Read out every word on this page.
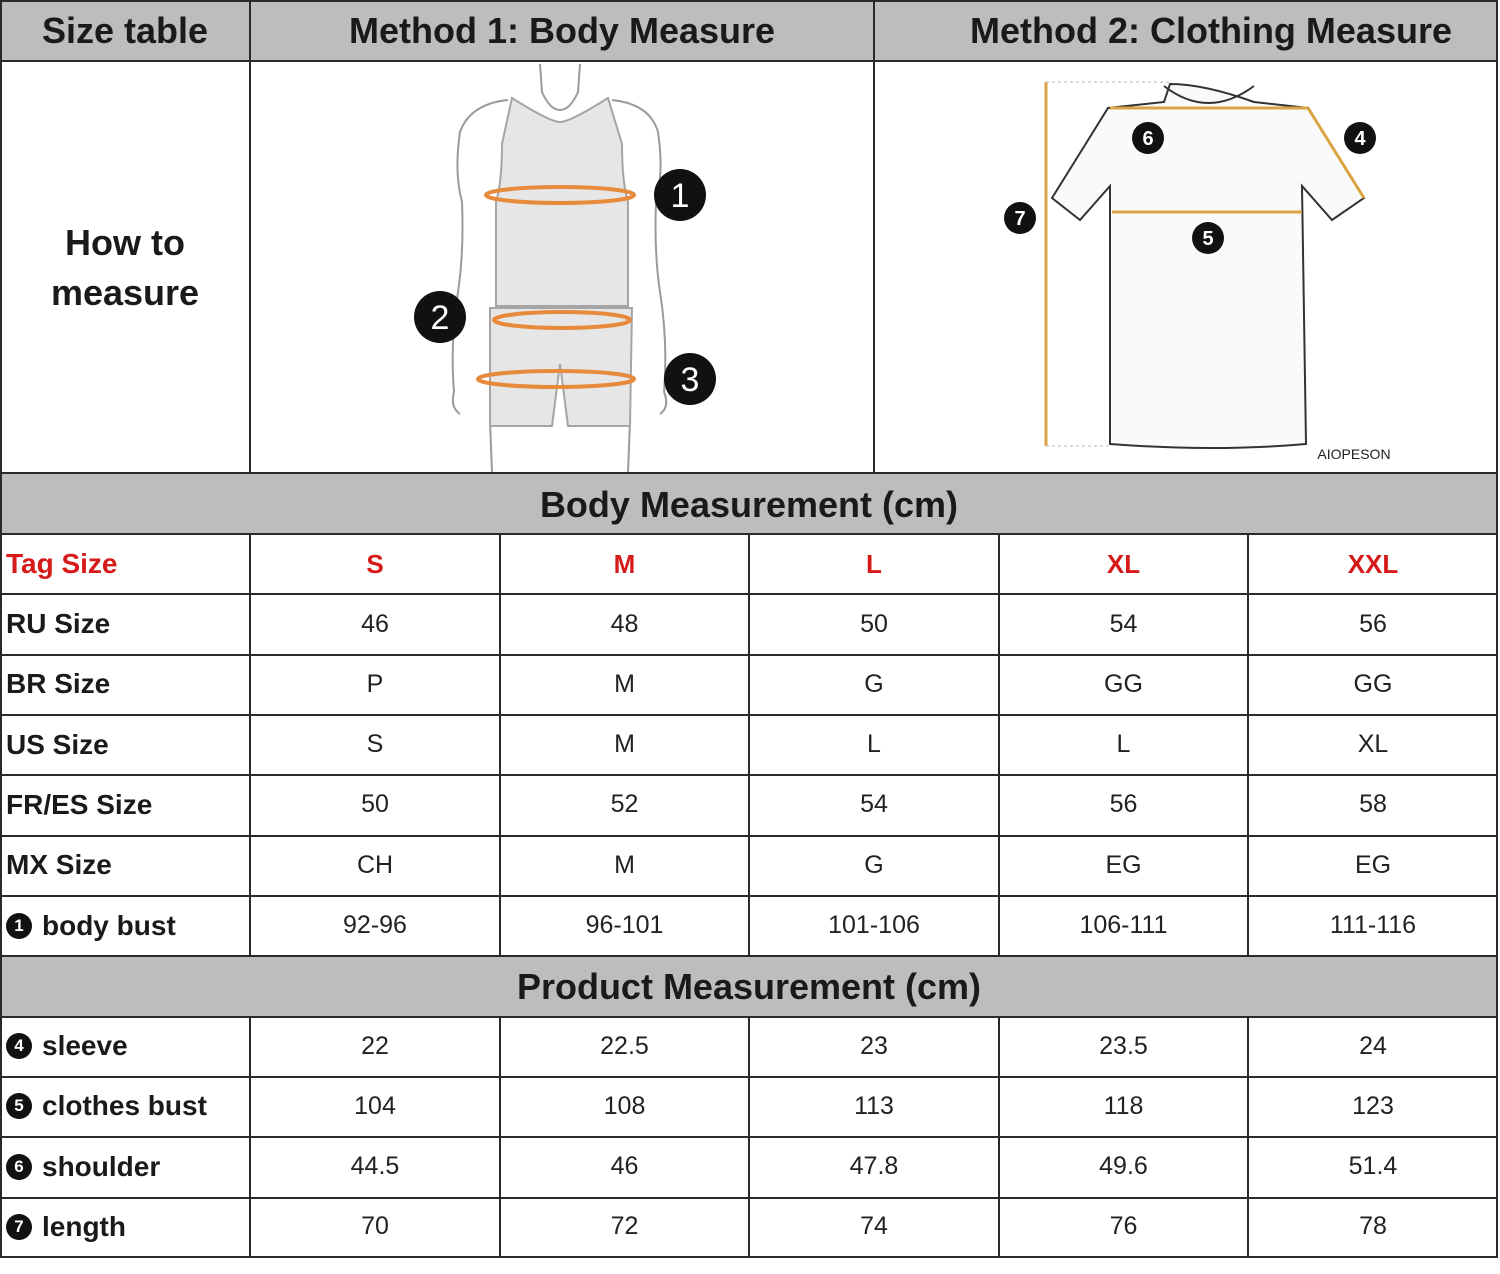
Size table	Method 1: Body Measure	Method 2: Clothing Measure
How to
measure
1
2
3
6	4
7
5
AIOPESON
Body Measurement (cm)
Product Measurement (cm)
Tag Size	S	M	L	XL	XXL
RU Size	46	48	50	54	56
BR Size	P	M	G	GG	GG
US Size	S	M	L	L	XL
FR/ES Size	50	52	54	56	58
MX Size	CH	M	G	EG	EG
1 body bust	92-96	96-101	101-106	106-111	111-116
4 sleeve	22	22.5	23	23.5	24
5 clothes bust	104	108	113	118	123
6 shoulder	44.5	46	47.8	49.6	51.4
7 length	70	72	74	76	78
